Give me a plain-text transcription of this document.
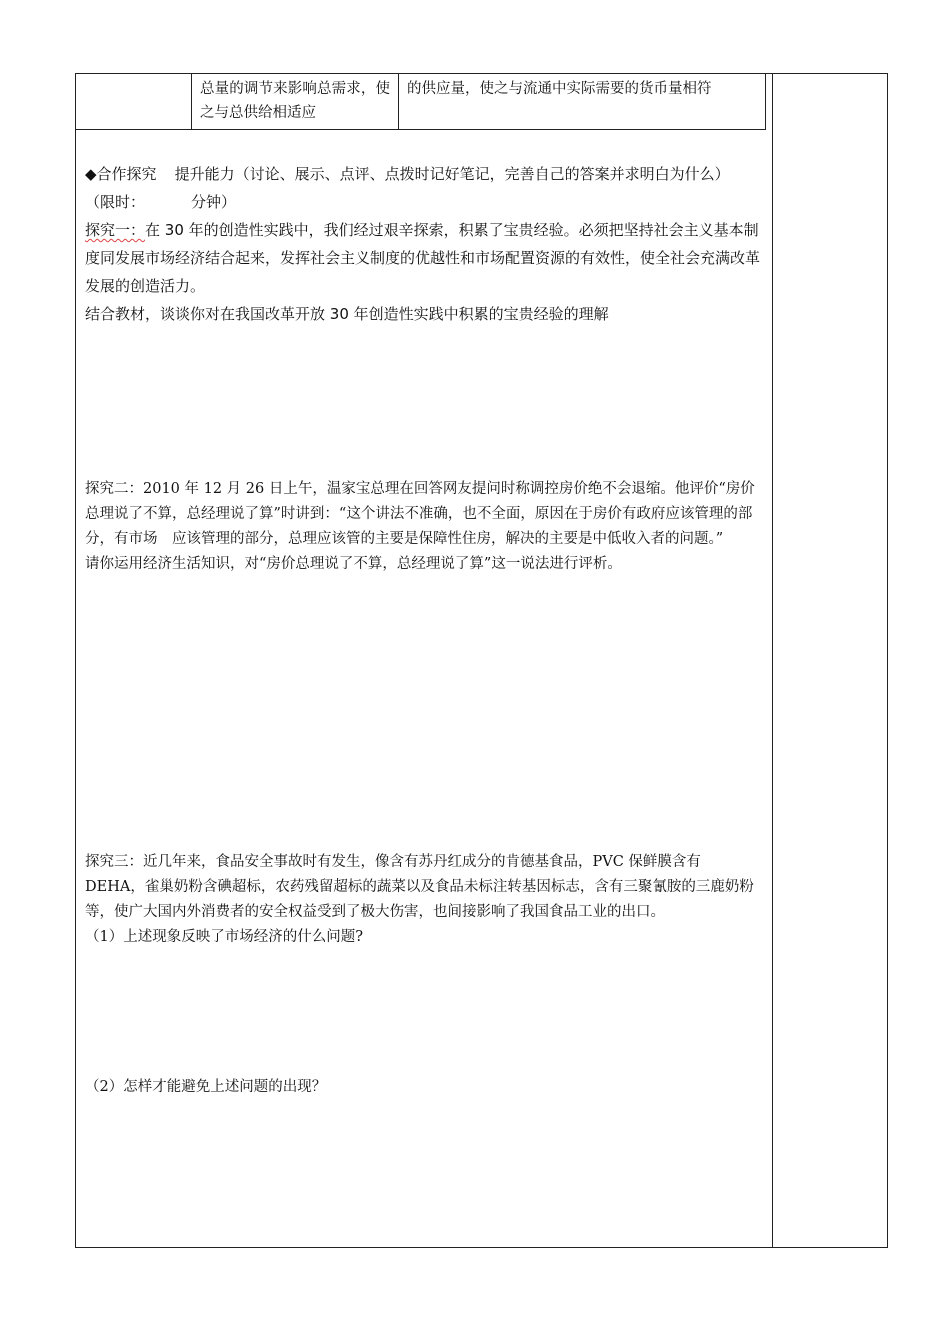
	总量的调节来影响总需求，使之与总供给相适应	的供应量，使之与流通中实际需要的货币量相符

◆合作探究 提升能力（讨论、展示、点评、点拨时记好笔记，完善自己的答案并求明白为什么）（限时：	分钟）

探究一：在 30 年的创造性实践中，我们经过艰辛探索，积累了宝贵经验。必须把坚持社会主义基本制度同发展市场经济结合起来，发挥社会主义制度的优越性和市场配置资源的有效性，使全社会充满改革发展的创造活力。

结合教材，谈谈你对在我国改革开放 30 年创造性实践中积累的宝贵经验的理解

探究二：2010 年 12 月 26 日上午，温家宝总理在回答网友提问时称调控房价绝不会退缩。他评价“房价总理说了不算，总经理说了算”时讲到：“这个讲法不准确，也不全面，原因在于房价有政府应该管理的部分，有市场　应该管理的部分，总理应该管的主要是保障性住房，解决的主要是中低收入者的问题。”

请你运用经济生活知识，对“房价总理说了不算，总经理说了算”这一说法进行评析。

探究三：近几年来，食品安全事故时有发生，像含有苏丹红成分的肯德基食品，PVC 保鲜膜含有 DEHA，雀巢奶粉含碘超标，农药残留超标的蔬菜以及食品未标注转基因标志，含有三聚氰胺的三鹿奶粉等，使广大国内外消费者的安全权益受到了极大伤害，也间接影响了我国食品工业的出口。

（1）上述现象反映了市场经济的什么问题?

（2）怎样才能避免上述问题的出现？
